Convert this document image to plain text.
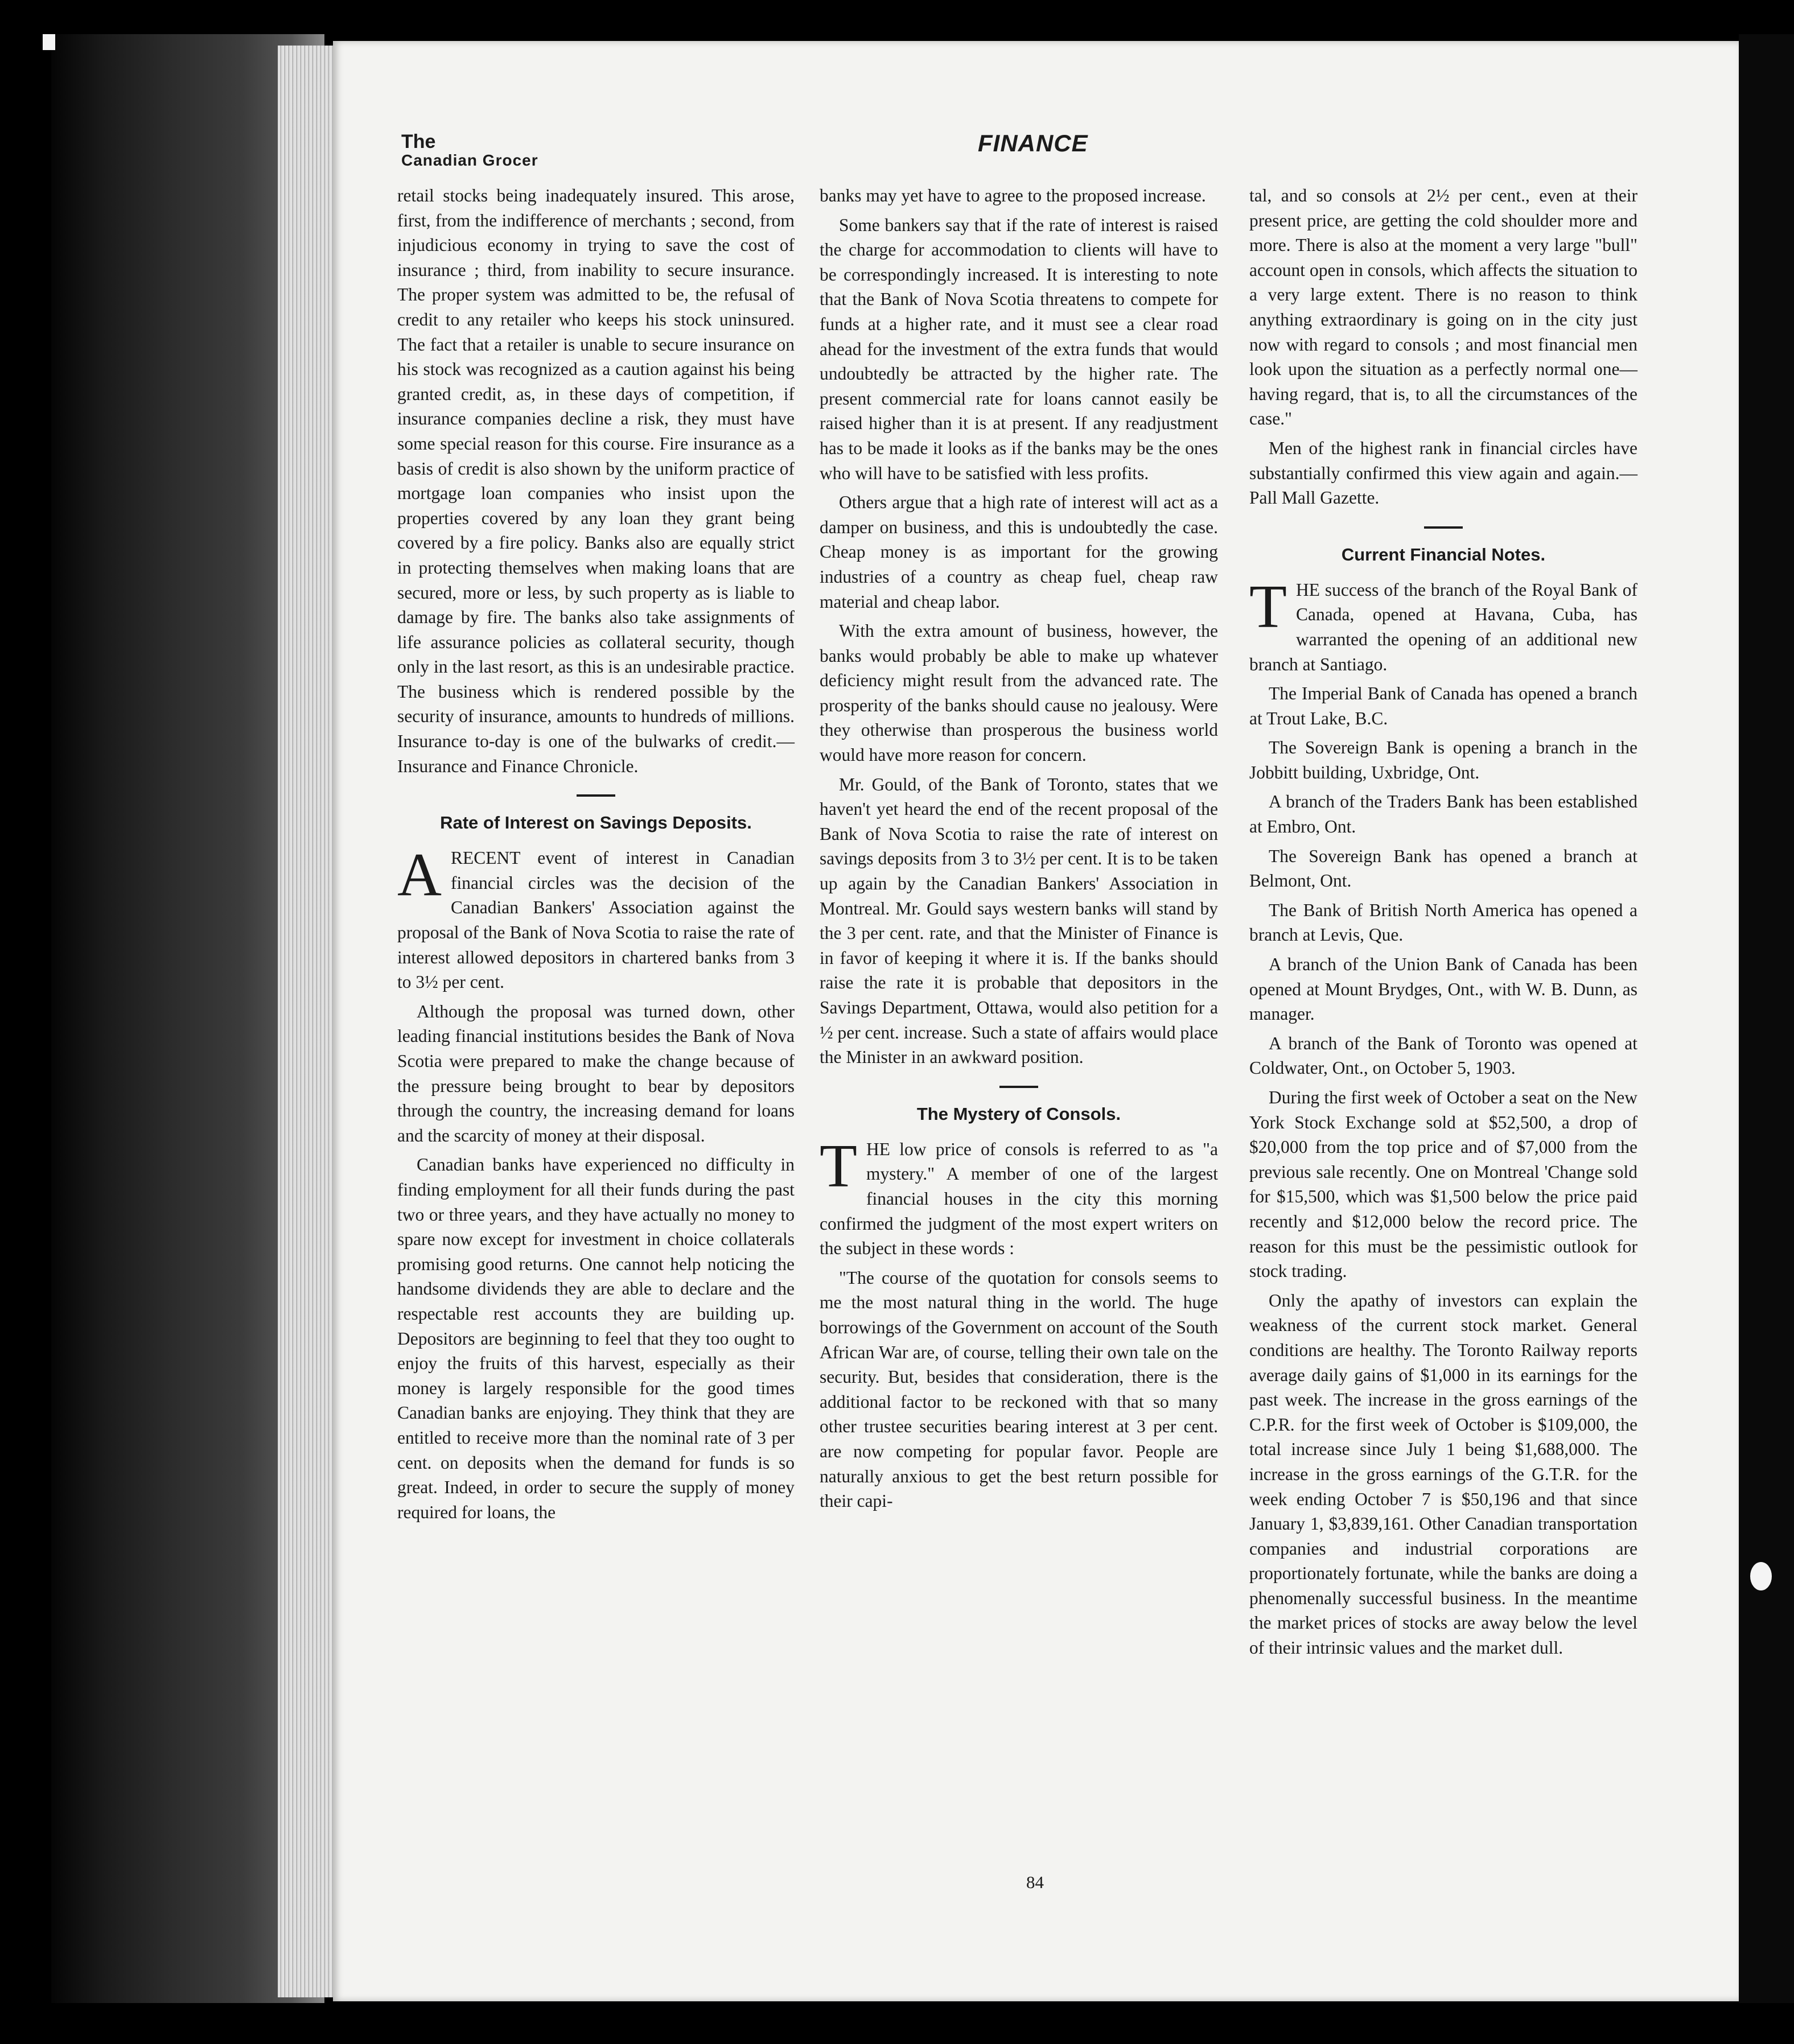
The
Canadian Grocer
FINANCE

retail stocks being inadequately insured. This arose, first, from the indifference of merchants ; second, from injudicious economy in trying to save the cost of insurance ; third, from inability to secure insurance. The proper system was admitted to be, the refusal of credit to any retailer who keeps his stock uninsured. The fact that a retailer is unable to secure insurance on his stock was recognized as a caution against his being granted credit, as, in these days of competition, if insurance companies decline a risk, they must have some special reason for this course. Fire insurance as a basis of credit is also shown by the uniform practice of mortgage loan companies who insist upon the properties covered by any loan they grant being covered by a fire policy. Banks also are equally strict in protecting themselves when making loans that are secured, more or less, by such property as is liable to damage by fire. The banks also take assignments of life assurance policies as collateral security, though only in the last resort, as this is an undesirable practice. The business which is rendered possible by the security of insurance, amounts to hundreds of millions. Insurance to-day is one of the bulwarks of credit.—Insurance and Finance Chronicle.

Rate of Interest on Savings Deposits.

ARECENT event of interest in Canadian financial circles was the decision of the Canadian Bankers' Association against the proposal of the Bank of Nova Scotia to raise the rate of interest allowed depositors in chartered banks from 3 to 3½ per cent.

Although the proposal was turned down, other leading financial institutions besides the Bank of Nova Scotia were prepared to make the change because of the pressure being brought to bear by depositors through the country, the increasing demand for loans and the scarcity of money at their disposal.

Canadian banks have experienced no difficulty in finding employment for all their funds during the past two or three years, and they have actually no money to spare now except for investment in choice collaterals promising good returns. One cannot help noticing the handsome dividends they are able to declare and the respectable rest accounts they are building up. Depositors are beginning to feel that they too ought to enjoy the fruits of this harvest, especially as their money is largely responsible for the good times Canadian banks are enjoying. They think that they are entitled to receive more than the nominal rate of 3 per cent. on deposits when the demand for funds is so great. Indeed, in order to secure the supply of money required for loans, the

banks may yet have to agree to the proposed increase.

Some bankers say that if the rate of interest is raised the charge for accommodation to clients will have to be correspondingly increased. It is interesting to note that the Bank of Nova Scotia threatens to compete for funds at a higher rate, and it must see a clear road ahead for the investment of the extra funds that would undoubtedly be attracted by the higher rate. The present commercial rate for loans cannot easily be raised higher than it is at present. If any readjustment has to be made it looks as if the banks may be the ones who will have to be satisfied with less profits.

Others argue that a high rate of interest will act as a damper on business, and this is undoubtedly the case. Cheap money is as important for the growing industries of a country as cheap fuel, cheap raw material and cheap labor.

With the extra amount of business, however, the banks would probably be able to make up whatever deficiency might result from the advanced rate. The prosperity of the banks should cause no jealousy. Were they otherwise than prosperous the business world would have more reason for concern.

Mr. Gould, of the Bank of Toronto, states that we haven't yet heard the end of the recent proposal of the Bank of Nova Scotia to raise the rate of interest on savings deposits from 3 to 3½ per cent. It is to be taken up again by the Canadian Bankers' Association in Montreal. Mr. Gould says western banks will stand by the 3 per cent. rate, and that the Minister of Finance is in favor of keeping it where it is. If the banks should raise the rate it is probable that depositors in the Savings Department, Ottawa, would also petition for a ½ per cent. increase. Such a state of affairs would place the Minister in an awkward position.

The Mystery of Consols.

THE low price of consols is referred to as "a mystery." A member of one of the largest financial houses in the city this morning confirmed the judgment of the most expert writers on the subject in these words :

"The course of the quotation for consols seems to me the most natural thing in the world. The huge borrowings of the Government on account of the South African War are, of course, telling their own tale on the security. But, besides that consideration, there is the additional factor to be reckoned with that so many other trustee securities bearing interest at 3 per cent. are now competing for popular favor. People are naturally anxious to get the best return possible for their capi-

tal, and so consols at 2½ per cent., even at their present price, are getting the cold shoulder more and more. There is also at the moment a very large "bull" account open in consols, which affects the situation to a very large extent. There is no reason to think anything extraordinary is going on in the city just now with regard to consols ; and most financial men look upon the situation as a perfectly normal one—having regard, that is, to all the circumstances of the case."

Men of the highest rank in financial circles have substantially confirmed this view again and again.—Pall Mall Gazette.

Current Financial Notes.

THE success of the branch of the Royal Bank of Canada, opened at Havana, Cuba, has warranted the opening of an additional new branch at Santiago.

The Imperial Bank of Canada has opened a branch at Trout Lake, B.C.

The Sovereign Bank is opening a branch in the Jobbitt building, Uxbridge, Ont.

A branch of the Traders Bank has been established at Embro, Ont.

The Sovereign Bank has opened a branch at Belmont, Ont.

The Bank of British North America has opened a branch at Levis, Que.

A branch of the Union Bank of Canada has been opened at Mount Brydges, Ont., with W. B. Dunn, as manager.

A branch of the Bank of Toronto was opened at Coldwater, Ont., on October 5, 1903.

During the first week of October a seat on the New York Stock Exchange sold at $52,500, a drop of $20,000 from the top price and of $7,000 from the previous sale recently. One on Montreal 'Change sold for $15,500, which was $1,500 below the price paid recently and $12,000 below the record price. The reason for this must be the pessimistic outlook for stock trading.

Only the apathy of investors can explain the weakness of the current stock market. General conditions are healthy. The Toronto Railway reports average daily gains of $1,000 in its earnings for the past week. The increase in the gross earnings of the C.P.R. for the first week of October is $109,000, the total increase since July 1 being $1,688,000. The increase in the gross earnings of the G.T.R. for the week ending October 7 is $50,196 and that since January 1, $3,839,161. Other Canadian transportation companies and industrial corporations are proportionately fortunate, while the banks are doing a phenomenally successful business. In the meantime the market prices of stocks are away below the level of their intrinsic values and the market dull.

84
